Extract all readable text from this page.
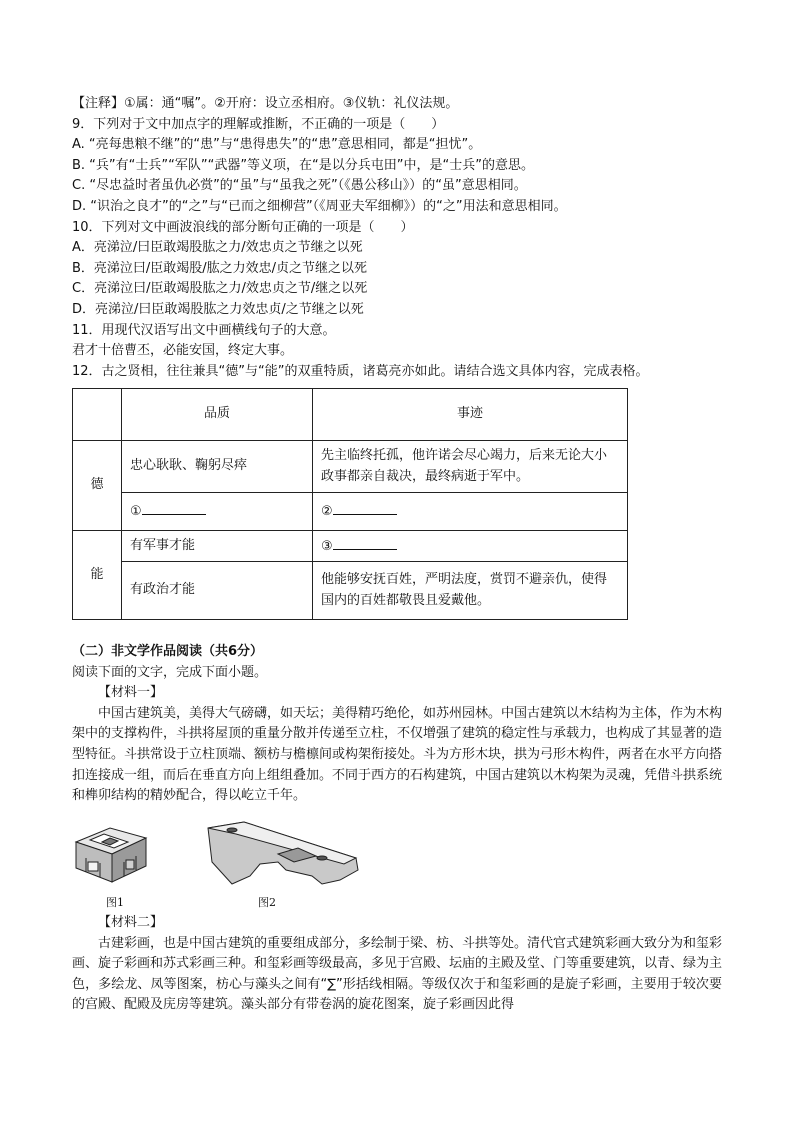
【注释】①属：通“嘱”。②开府：设立丞相府。③仪轨：礼仪法规。
9．下列对于文中加点字的理解或推断，不正确的一项是（　　）
A. “亮每患粮不继”的“患”与“患得患失”的“患”意思相同，都是“担忧”。
B. “兵”有“士兵”“军队”“武器”等义项，在“是以分兵屯田”中，是“士兵”的意思。
C. “尽忠益时者虽仇必赏”的“虽”与“虽我之死”（《愚公移山》）的“虽”意思相同。
D. “识治之良才”的“之”与“已而之细柳营”（《周亚夫军细柳》）的“之”用法和意思相同。
10．下列对文中画波浪线的部分断句正确的一项是（　　）
A．亮涕泣/曰臣敢竭股肱之力/效忠贞之节继之以死
B．亮涕泣曰/臣敢竭股/肱之力效忠/贞之节继之以死
C．亮涕泣曰/臣敢竭股肱之力/效忠贞之节/继之以死
D．亮涕泣/曰臣敢竭股肱之力效忠贞/之节继之以死
11．用现代汉语写出文中画横线句子的大意。
君才十倍曹丕，必能安国，终定大事。
12．古之贤相，往往兼具“德”与“能”的双重特质，诸葛亮亦如此。请结合选文具体内容，完成表格。
	品质	事迹
德	忠心耿耿、鞠躬尽瘁	先主临终托孤，他许诺会尽心竭力，后来无论大小政事都亲自裁决，最终病逝于军中。
	①	②
能	有军事才能	③
	有政治才能	他能够安抚百姓，严明法度，赏罚不避亲仇，使得国内的百姓都敬畏且爱戴他。
（二）非文学作品阅读（共6分）
阅读下面的文字，完成下面小题。
【材料一】
中国古建筑美，美得大气磅礴，如天坛；美得精巧绝伦，如苏州园林。中国古建筑以木结构为主体，作为木构架中的支撑构件，斗拱将屋顶的重量分散并传递至立柱，不仅增强了建筑的稳定性与承载力，也构成了其显著的造型特征。斗拱常设于立柱顶端、额枋与檐檩间或构架衔接处。斗为方形木块，拱为弓形木构件，两者在水平方向搭扣连接成一组，而后在垂直方向上组组叠加。不同于西方的石构建筑，中国古建筑以木构架为灵魂，凭借斗拱系统和榫卯结构的精妙配合，得以屹立千年。
图1	图2
【材料二】
古建彩画，也是中国古建筑的重要组成部分，多绘制于梁、枋、斗拱等处。清代官式建筑彩画大致分为和玺彩画、旋子彩画和苏式彩画三种。和玺彩画等级最高，多见于宫殿、坛庙的主殿及堂、门等重要建筑，以青、绿为主色，多绘龙、凤等图案，枋心与藻头之间有“∑”形括线相隔。等级仅次于和玺彩画的是旋子彩画，主要用于较次要的宫殿、配殿及庑房等建筑。藻头部分有带卷涡的旋花图案，旋子彩画因此得
